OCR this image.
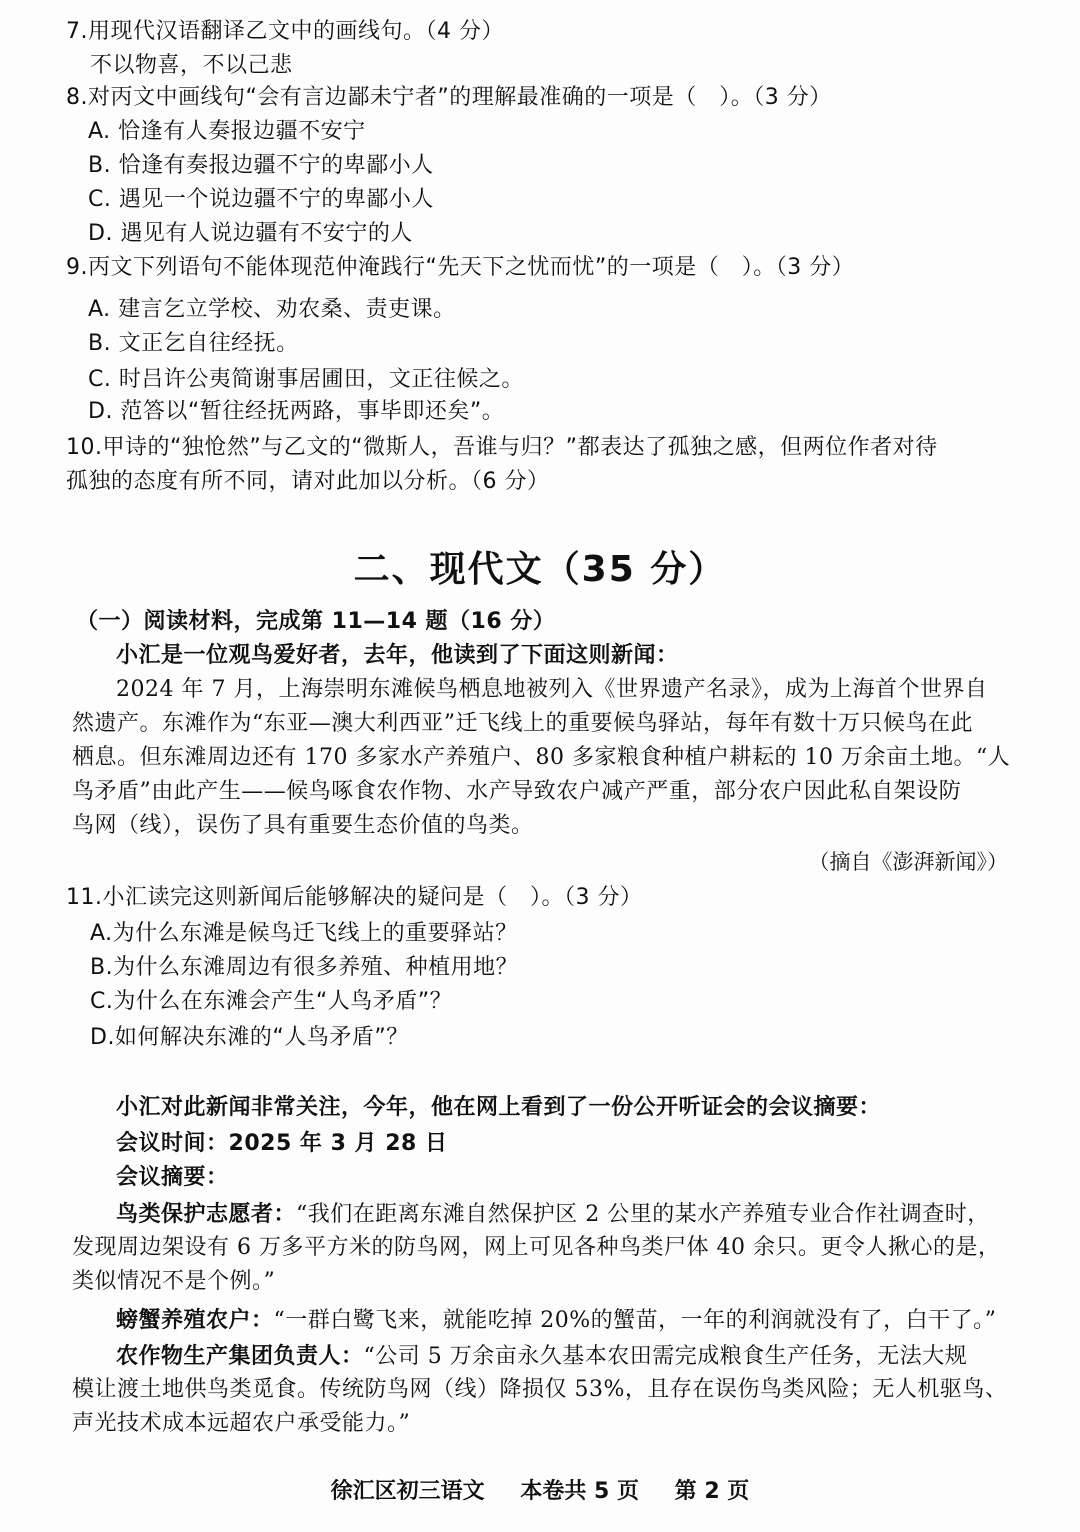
7.用现代汉语翻译乙文中的画线句。（4 分）
不以物喜，不以己悲
8.对丙文中画线句“会有言边鄙未宁者”的理解最准确的一项是（　）。（3 分）
A. 恰逢有人奏报边疆不安宁
B. 恰逢有奏报边疆不宁的卑鄙小人
C. 遇见一个说边疆不宁的卑鄙小人
D. 遇见有人说边疆有不安宁的人
9.丙文下列语句不能体现范仲淹践行“先天下之忧而忧”的一项是（　）。（3 分）
A. 建言乞立学校、劝农桑、责吏课。
B. 文正乞自往经抚。
C. 时吕许公夷简谢事居圃田，文正往候之。
D. 范答以“暂往经抚两路，事毕即还矣”。
10.甲诗的“独怆然”与乙文的“微斯人，吾谁与归？”都表达了孤独之感，但两位作者对待
孤独的态度有所不同，请对此加以分析。（6 分）
二、现代文（35 分）
（一）阅读材料，完成第 11—14 题（16 分）
小汇是一位观鸟爱好者，去年，他读到了下面这则新闻：
2024 年 7 月，上海崇明东滩候鸟栖息地被列入《世界遗产名录》，成为上海首个世界自
然遗产。东滩作为“东亚—澳大利西亚”迁飞线上的重要候鸟驿站，每年有数十万只候鸟在此
栖息。但东滩周边还有 170 多家水产养殖户、80 多家粮食种植户耕耘的 10 万余亩土地。“人
鸟矛盾”由此产生——候鸟啄食农作物、水产导致农户减产严重，部分农户因此私自架设防
鸟网（线），误伤了具有重要生态价值的鸟类。
（摘自《澎湃新闻》）
11.小汇读完这则新闻后能够解决的疑问是（　）。（3 分）
A.为什么东滩是候鸟迁飞线上的重要驿站？
B.为什么东滩周边有很多养殖、种植用地？
C.为什么在东滩会产生“人鸟矛盾”？
D.如何解决东滩的“人鸟矛盾”？
小汇对此新闻非常关注，今年，他在网上看到了一份公开听证会的会议摘要：
会议时间：2025 年 3 月 28 日
会议摘要：
鸟类保护志愿者：“我们在距离东滩自然保护区 2 公里的某水产养殖专业合作社调查时，
发现周边架设有 6 万多平方米的防鸟网，网上可见各种鸟类尸体 40 余只。更令人揪心的是，
类似情况不是个例。”
螃蟹养殖农户：“一群白鹭飞来，就能吃掉 20%的蟹苗，一年的利润就没有了，白干了。”
农作物生产集团负责人：“公司 5 万余亩永久基本农田需完成粮食生产任务，无法大规
模让渡土地供鸟类觅食。传统防鸟网（线）降损仅 53%，且存在误伤鸟类风险；无人机驱鸟、
声光技术成本远超农户承受能力。”
徐汇区初三语文 本卷共 5 页 第 2 页
